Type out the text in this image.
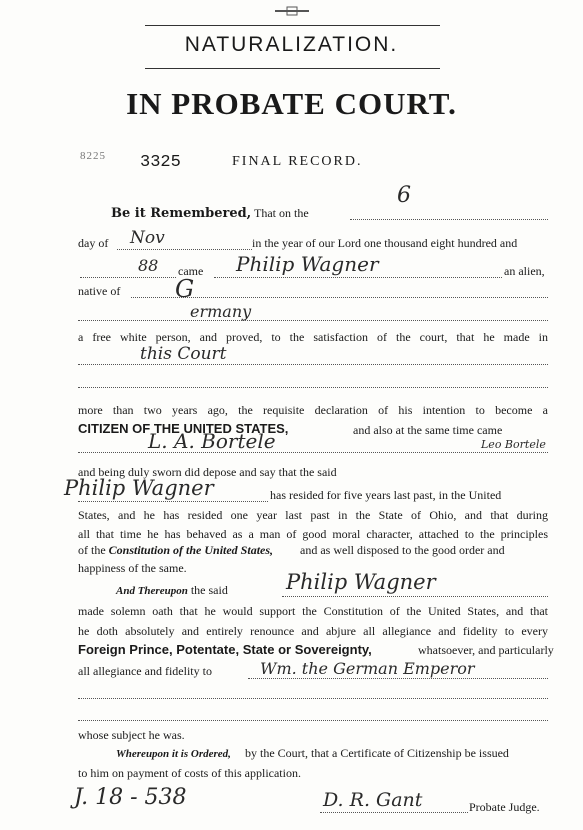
NATURALIZATION.
IN PROBATE COURT.
8225 3325	FINAL RECORD.
Be it Remembered, That on the
6
day of Nov	in the year of our Lord one thousand eight hundred and
88 came Philip Wagner	an alien,
native of G
ermany
a free white person, and proved, to the satisfaction of the court, that he made in
this Court
more than two years ago, the requisite declaration of his intention to become a
CITIZEN OF THE UNITED STATES,	and also at the same time came
L. A. Bortele	Leo Bortele
and being duly sworn did depose and say that the said
Philip Wagner	has resided for five years last past, in the United
States, and he has resided one year last past in the State of Ohio, and that during
all that time he has behaved as a man of good moral character, attached to the principles
of the Constitution of the United States, and as well disposed to the good order and
happiness of the same.
And Thereupon the said	Philip Wagner
made solemn oath that he would support the Constitution of the United States, and that
he doth absolutely and entirely renounce and abjure all allegiance and fidelity to every
Foreign Prince, Potentate, State or Sovereignty,	whatsoever, and particularly
all allegiance and fidelity to	Wm. the German Emperor
whose subject he was.
Whereupon it is Ordered, by the Court, that a Certificate of Citizenship be issued
to him on payment of costs of this application.
J. 18 - 538	D. R. Gant	Probate Judge.
